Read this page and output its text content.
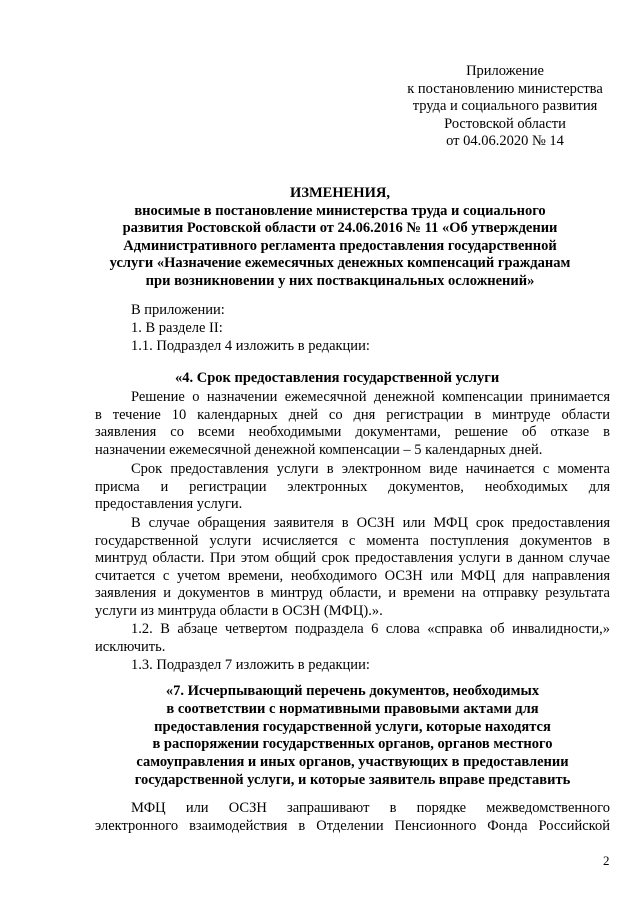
Приложение
к постановлению министерства
труда и социального развития
Ростовской области
от 04.06.2020 № 14
ИЗМЕНЕНИЯ,
вносимые в постановление министерства труда и социального
развития Ростовской области от 24.06.2016 № 11 «Об утверждении
Административного регламента предоставления государственной
услуги «Назначение ежемесячных денежных компенсаций гражданам
при возникновении у них поствакцинальных осложнений»
В приложении:
1. В разделе II:
1.1. Подраздел 4 изложить в редакции:
«4. Срок предоставления государственной услуги
Решение о назначении ежемесячной денежной компенсации принимается
в течение 10 календарных дней со дня регистрации в минтруде области
заявления со всеми необходимыми документами, решение об отказе в
назначении ежемесячной денежной компенсации – 5 календарных дней.
Срок предоставления услуги в электронном виде начинается с момента
присма и регистрации электронных документов, необходимых для
предоставления услуги.
В случае обращения заявителя в ОСЗН или МФЦ срок предоставления
государственной услуги исчисляется с момента поступления документов в
минтруд области. При этом общий срок предоставления услуги в данном случае
считается с учетом времени, необходимого ОСЗН или МФЦ для направления
заявления и документов в минтруд области, и времени на отправку результата
услуги из минтруда области в ОСЗН (МФЦ).».
1.2. В абзаце четвертом подраздела 6 слова «справка об инвалидности,»
исключить.
1.3. Подраздел 7 изложить в редакции:
«7. Исчерпывающий перечень документов, необходимых
в соответствии с нормативными правовыми актами для
предоставления государственной услуги, которые находятся
в распоряжении государственных органов, органов местного
самоуправления и иных органов, участвующих в предоставлении
государственной услуги, и которые заявитель вправе представить
МФЦ или ОСЗН запрашивают в порядке межведомственного
электронного взаимодействия в Отделении Пенсионного Фонда Российской
2
